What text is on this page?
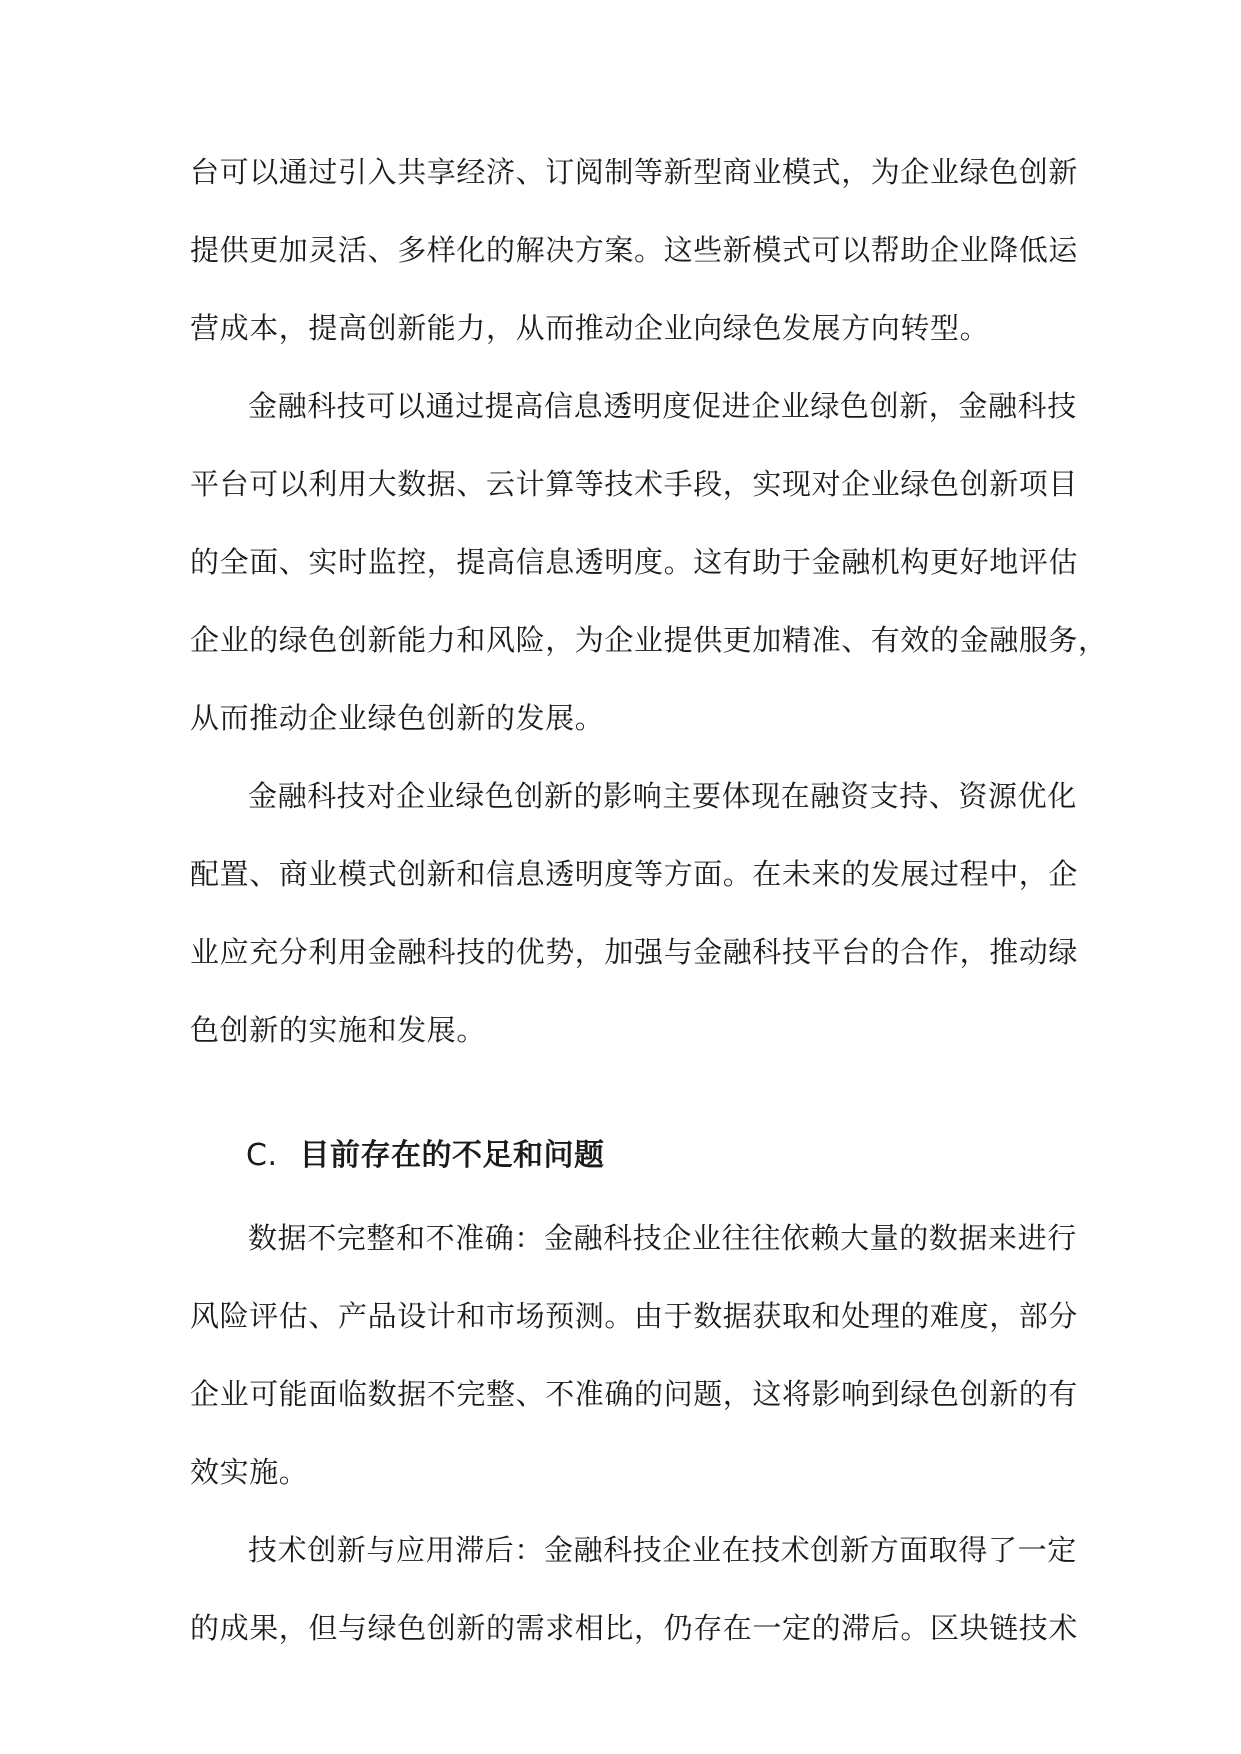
台可以通过引入共享经济、订阅制等新型商业模式，为企业绿色创新
提供更加灵活、多样化的解决方案。这些新模式可以帮助企业降低运
营成本，提高创新能力，从而推动企业向绿色发展方向转型。
金融科技可以通过提高信息透明度促进企业绿色创新，金融科技
平台可以利用大数据、云计算等技术手段，实现对企业绿色创新项目
的全面、实时监控，提高信息透明度。这有助于金融机构更好地评估
企业的绿色创新能力和风险，为企业提供更加精准、有效的金融服务，
从而推动企业绿色创新的发展。
金融科技对企业绿色创新的影响主要体现在融资支持、资源优化
配置、商业模式创新和信息透明度等方面。在未来的发展过程中，企
业应充分利用金融科技的优势，加强与金融科技平台的合作，推动绿
色创新的实施和发展。
C. 目前存在的不足和问题
数据不完整和不准确：金融科技企业往往依赖大量的数据来进行
风险评估、产品设计和市场预测。由于数据获取和处理的难度，部分
企业可能面临数据不完整、不准确的问题，这将影响到绿色创新的有
效实施。
技术创新与应用滞后：金融科技企业在技术创新方面取得了一定
的成果，但与绿色创新的需求相比，仍存在一定的滞后。区块链技术
